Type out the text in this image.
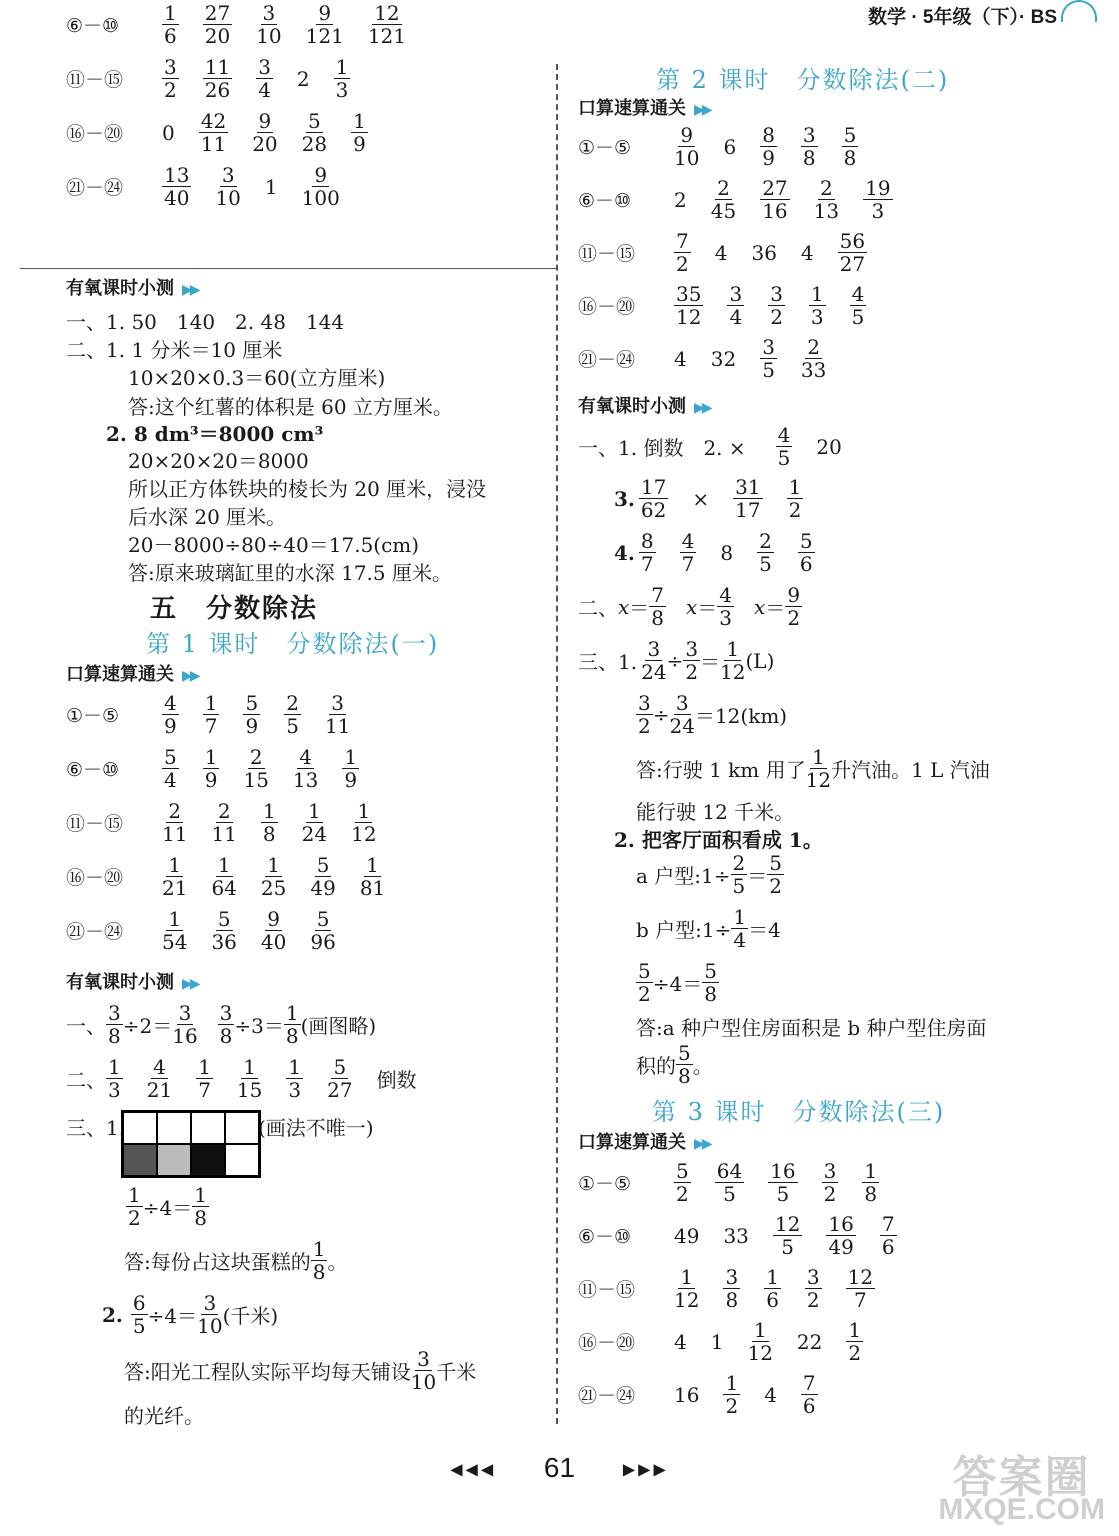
数学 · 5年级（下）· BS
⑥－⑩	$\frac{1}{6} \frac{27}{20} \frac{3}{10} \frac{9}{121} \frac{12}{121}$
⑪－⑮	$\frac{3}{2} \frac{11}{26} \frac{3}{4} 2 \frac{1}{3}$
⑯－⑳	$0 \frac{42}{11} \frac{9}{20} \frac{5}{28} \frac{1}{9}$
㉑－㉔	$\frac{13}{40} \frac{3}{10} 1 \frac{9}{100}$
有氧课时小测 ▶▶
一、1. 50　140　2. 48　144
二、1. 1 分米＝10 厘米
10×20×0.3＝60(立方厘米)
答:这个红薯的体积是 60 立方厘米。
2. 8 dm³＝8000 cm³
20×20×20＝8000
所以正方体铁块的棱长为 20 厘米，浸没
后水深 20 厘米。
20－8000÷80÷40＝17.5(cm)
答:原来玻璃缸里的水深 17.5 厘米。
五　分数除法
第 1 课时　分数除法(一)
口算速算通关 ▶▶
①－⑤	$\frac{4}{9} \frac{1}{7} \frac{5}{9} \frac{2}{5} \frac{3}{11}$
⑥－⑩	$\frac{5}{4} \frac{1}{9} \frac{2}{15} \frac{4}{13} \frac{1}{9}$
⑪－⑮	$\frac{2}{11} \frac{2}{11} \frac{1}{8} \frac{1}{24} \frac{1}{12}$
⑯－⑳	$\frac{1}{21} \frac{1}{64} \frac{1}{25} \frac{5}{49} \frac{1}{81}$
㉑－㉔	$\frac{1}{54} \frac{5}{36} \frac{9}{40} \frac{5}{96}$
有氧课时小测 ▶▶
一、 $\frac{3}{8} \div 2= \frac{3}{16} \frac{3}{8} \div 3= \frac{1}{8}$ (画图略)
二、 $\frac{1}{3} \frac{4}{21} \frac{1}{7} \frac{1}{15} \frac{1}{3} \frac{5}{27}$ 倒数
三、1.	(画法不唯一)
$\frac{1}{2} \div 4= \frac{1}{8}$
答:每份占这块蛋糕的 $\frac{1}{8}$ 。
2. $\frac{6}{5} \div 4= \frac{3}{10}$ (千米)
答:阳光工程队实际平均每天铺设 $\frac{3}{10}$ 千米
的光纤。
第 2 课时　分数除法(二)
口算速算通关 ▶▶
①－⑤	$\frac{9}{10} 6 \frac{8}{9} \frac{3}{8} \frac{5}{8}$
⑥－⑩	$2 \frac{2}{45} \frac{27}{16} \frac{2}{13} \frac{19}{3}$
⑪－⑮	$\frac{7}{2} 4$ 36 $4 \frac{56}{27}$
⑯－⑳	$\frac{35}{12} \frac{3}{4} \frac{3}{2} \frac{1}{3} \frac{4}{5}$
㉑－㉔	4 $32 \frac{3}{5} \frac{2}{33}$
有氧课时小测 ▶▶
一、1. 倒数　2. × $\frac{4}{5} 20$
3. $\frac{17}{62} \times \frac{31}{17} \frac{1}{2}$
4. $\frac{8}{7} \frac{4}{7} 8 \frac{2}{5} \frac{5}{6}$
二、 $x = \frac{7}{8}$ $x = \frac{4}{3}$ $x = \frac{9}{2}$
三、1. $\frac{3}{24} \div \frac{3}{2} = \frac{1}{12} (L)$
$\frac{3}{2} \div \frac{3}{24} =12(km)$
答:行驶 1 km 用了 $\frac{1}{12}$ 升汽油。1 L 汽油
能行驶 12 千米。
2. 把客厅面积看成 1。
a 户型:1÷ $\frac{2}{5} = \frac{5}{2}$
b 户型:1÷ $\frac{1}{4} =4$
$\frac{5}{2} \div 4= \frac{5}{8}$
答:a 种户型住房面积是 b 种户型住房面
积的 $\frac{5}{8}$ 。
第 3 课时　分数除法(三)
口算速算通关 ▶▶
①－⑤	$\frac{5}{2} \frac{64}{5} \frac{16}{5} \frac{3}{2} \frac{1}{8}$
⑥－⑩	49 $33 \frac{12}{5} \frac{16}{49} \frac{7}{6}$
⑪－⑮	$\frac{1}{12} \frac{3}{8} \frac{1}{6} \frac{3}{2} \frac{12}{7}$
⑯－⑳	4 $1 \frac{1}{12} 22 \frac{1}{2}$
㉑－㉔	$16 \frac{1}{2} 4 \frac{7}{6}$
◀◀◀ 61	▶▶▶	答案圈
MXQE.COM
